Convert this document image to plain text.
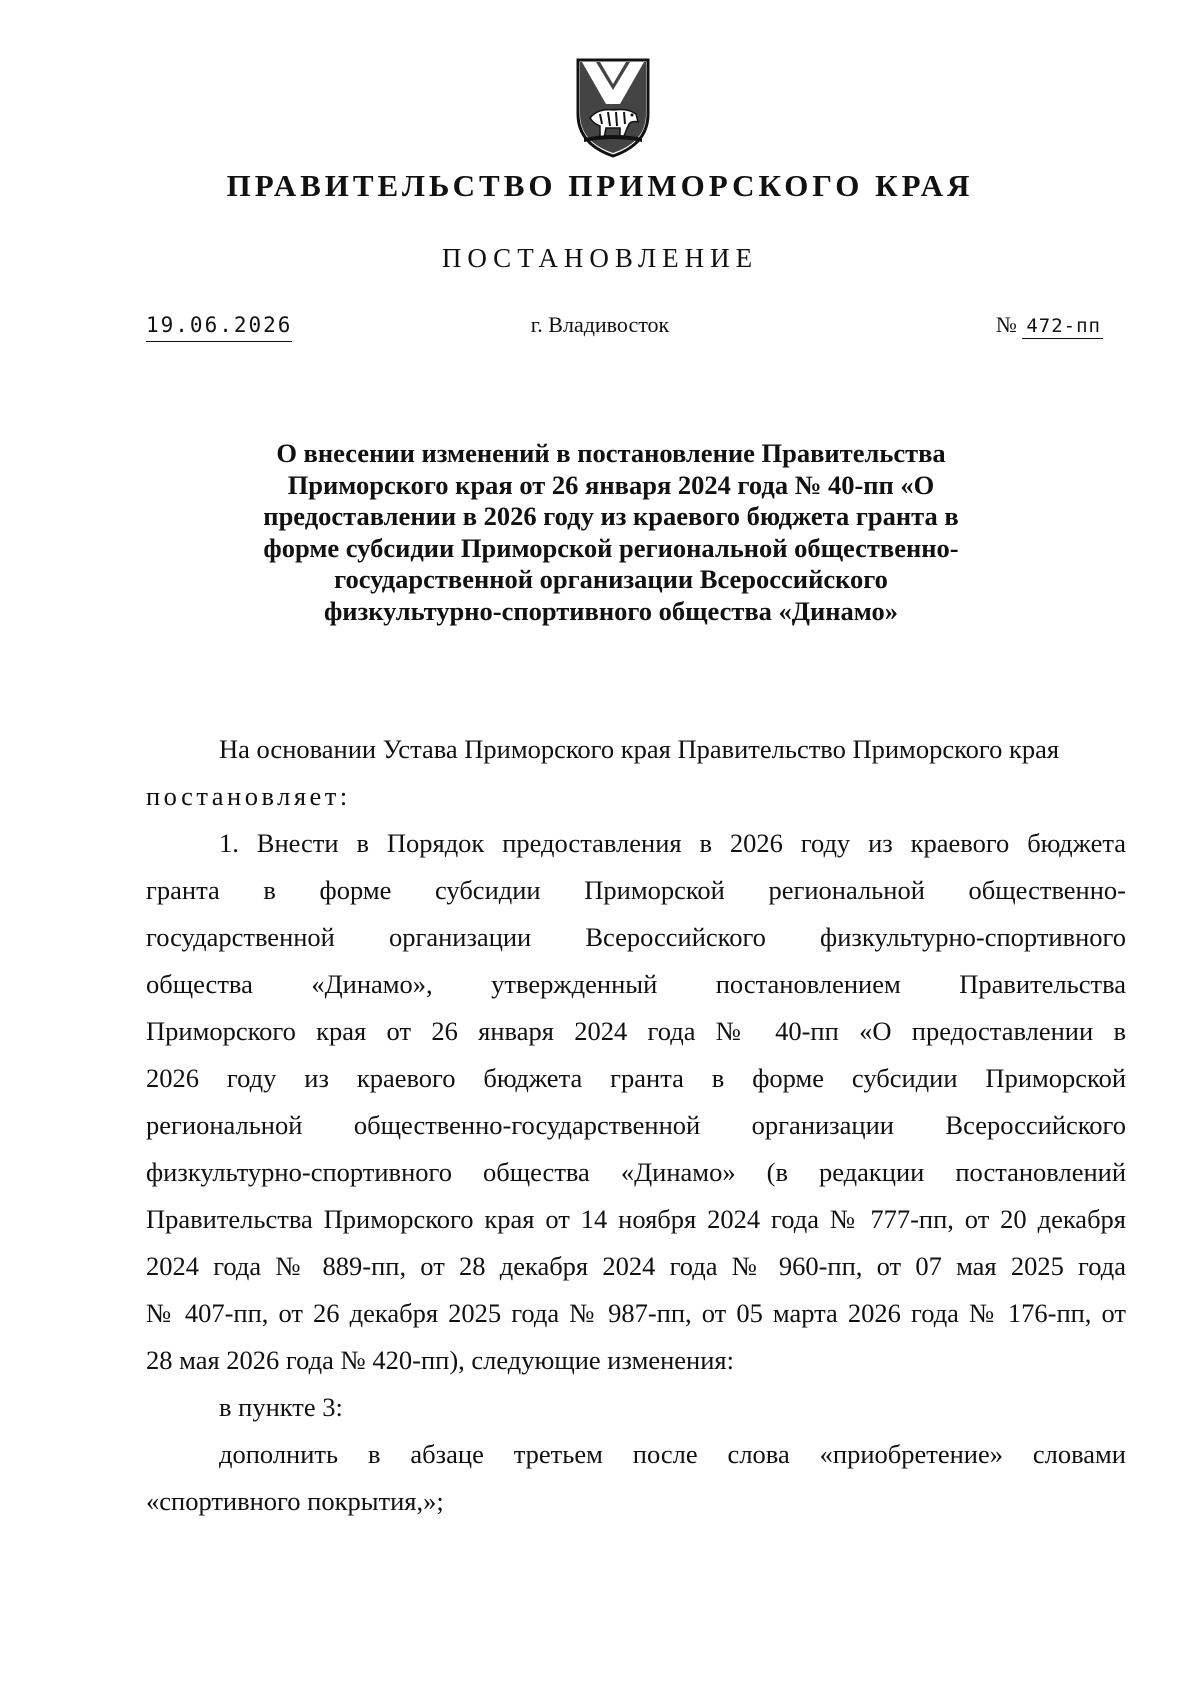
ПРАВИТЕЛЬСТВО ПРИМОРСКОГО КРАЯ
ПОСТАНОВЛЕНИЕ
19.06.2026	г. Владивосток	№ 472-пп
О внесении изменений в постановление Правительства
Приморского края от 26 января 2024 года № 40-пп «О
предоставлении в 2026 году из краевого бюджета гранта в
форме субсидии Приморской региональной общественно-
государственной организации Всероссийского
физкультурно-спортивного общества «Динамо»
На основании Устава Приморского края Правительство Приморского края
постановляет:
1. Внести в Порядок предоставления в 2026 году из краевого бюджета
гранта в форме субсидии Приморской региональной общественно-
государственной организации Всероссийского физкультурно-спортивного
общества «Динамо», утвержденный постановлением Правительства
Приморского края от 26 января 2024 года № 40-пп «О предоставлении в
2026 году из краевого бюджета гранта в форме субсидии Приморской
региональной общественно-государственной организации Всероссийского
физкультурно-спортивного общества «Динамо» (в редакции постановлений
Правительства Приморского края от 14 ноября 2024 года № 777-пп, от 20 декабря
2024 года № 889-пп, от 28 декабря 2024 года № 960-пп, от 07 мая 2025 года
№ 407-пп, от 26 декабря 2025 года № 987-пп, от 05 марта 2026 года № 176-пп, от
28 мая 2026 года № 420-пп), следующие изменения:
в пункте 3:
дополнить в абзаце третьем после слова «приобретение» словами
«спортивного покрытия,»;
